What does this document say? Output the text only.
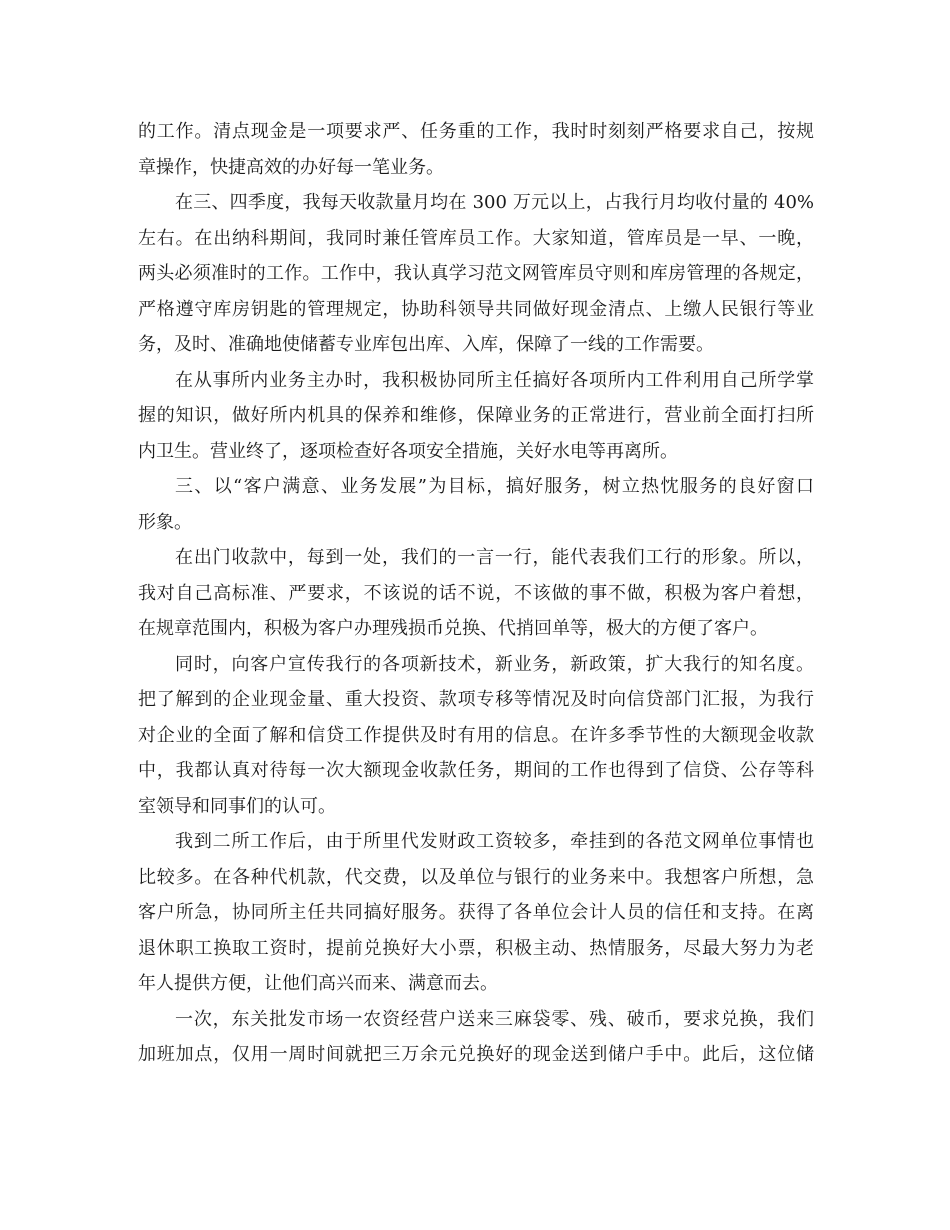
的工作。清点现金是一项要求严、任务重的工作，我时时刻刻严格要求自己，按规
章操作，快捷高效的办好每一笔业务。
在三、四季度，我每天收款量月均在 300 万元以上，占我行月均收付量的 40%
左右。在出纳科期间，我同时兼任管库员工作。大家知道，管库员是一早、一晚，
两头必须准时的工作。工作中，我认真学习范文网管库员守则和库房管理的各规定，
严格遵守库房钥匙的管理规定，协助科领导共同做好现金清点、上缴人民银行等业
务，及时、准确地使储蓄专业库包出库、入库，保障了一线的工作需要。
在从事所内业务主办时，我积极协同所主任搞好各项所内工件利用自己所学掌
握的知识，做好所内机具的保养和维修，保障业务的正常进行，营业前全面打扫所
内卫生。营业终了，逐项检查好各项安全措施，关好水电等再离所。
三、以“客户满意、业务发展”为目标，搞好服务，树立热忱服务的良好窗口
形象。
在出门收款中，每到一处，我们的一言一行，能代表我们工行的形象。所以，
我对自己高标准、严要求，不该说的话不说，不该做的事不做，积极为客户着想，
在规章范围内，积极为客户办理残损币兑换、代捎回单等，极大的方便了客户。
同时，向客户宣传我行的各项新技术，新业务，新政策，扩大我行的知名度。
把了解到的企业现金量、重大投资、款项专移等情况及时向信贷部门汇报，为我行
对企业的全面了解和信贷工作提供及时有用的信息。在许多季节性的大额现金收款
中，我都认真对待每一次大额现金收款任务，期间的工作也得到了信贷、公存等科
室领导和同事们的认可。
我到二所工作后，由于所里代发财政工资较多，牵挂到的各范文网单位事情也
比较多。在各种代机款，代交费，以及单位与银行的业务来中。我想客户所想，急
客户所急，协同所主任共同搞好服务。获得了各单位会计人员的信任和支持。在离
退休职工换取工资时，提前兑换好大小票，积极主动、热情服务，尽最大努力为老
年人提供方便，让他们高兴而来、满意而去。
一次，东关批发市场一农资经营户送来三麻袋零、残、破币，要求兑换，我们
加班加点，仅用一周时间就把三万余元兑换好的现金送到储户手中。此后，这位储
